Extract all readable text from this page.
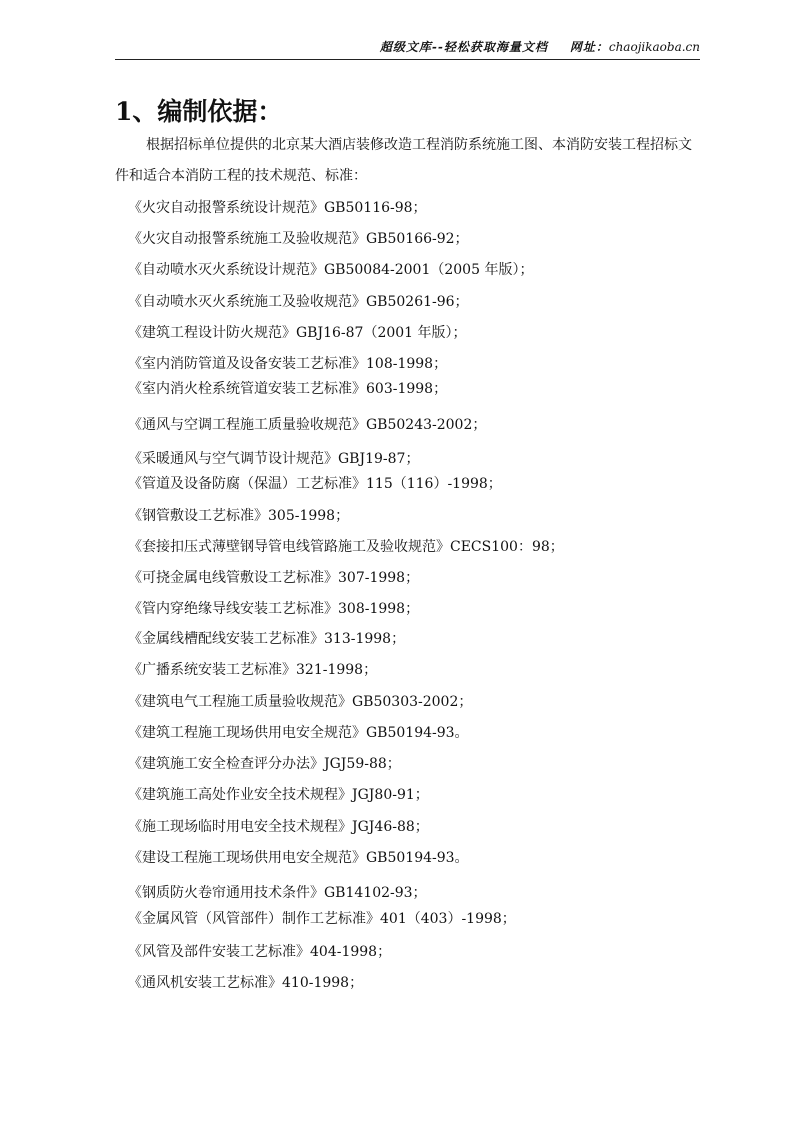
超级文库--轻松获取海量文档 网址：chaojikaoba.cn
1、编制依据：
根据招标单位提供的北京某大酒店装修改造工程消防系统施工图、本消防安装工程招标文件和适合本消防工程的技术规范、标准：
《火灾自动报警系统设计规范》GB50116-98；
《火灾自动报警系统施工及验收规范》GB50166-92；
《自动喷水灭火系统设计规范》GB50084-2001（2005 年版）；
《自动喷水灭火系统施工及验收规范》GB50261-96；
《建筑工程设计防火规范》GBJ16-87（2001 年版）；
《室内消防管道及设备安装工艺标准》108-1998；
《室内消火栓系统管道安装工艺标准》603-1998；
《通风与空调工程施工质量验收规范》GB50243-2002；
《采暖通风与空气调节设计规范》GBJ19-87；
《管道及设备防腐（保温）工艺标准》115（116）-1998；
《钢管敷设工艺标准》305-1998；
《套接扣压式薄壁钢导管电线管路施工及验收规范》CECS100：98；
《可挠金属电线管敷设工艺标准》307-1998；
《管内穿绝缘导线安装工艺标准》308-1998；
《金属线槽配线安装工艺标准》313-1998；
《广播系统安装工艺标准》321-1998；
《建筑电气工程施工质量验收规范》GB50303-2002；
《建筑工程施工现场供用电安全规范》GB50194-93。
《建筑施工安全检查评分办法》JGJ59-88；
《建筑施工高处作业安全技术规程》JGJ80-91；
《施工现场临时用电安全技术规程》JGJ46-88；
《建设工程施工现场供用电安全规范》GB50194-93。
《钢质防火卷帘通用技术条件》GB14102-93；
《金属风管（风管部件）制作工艺标准》401（403）-1998；
《风管及部件安装工艺标准》404-1998；
《通风机安装工艺标准》410-1998；
